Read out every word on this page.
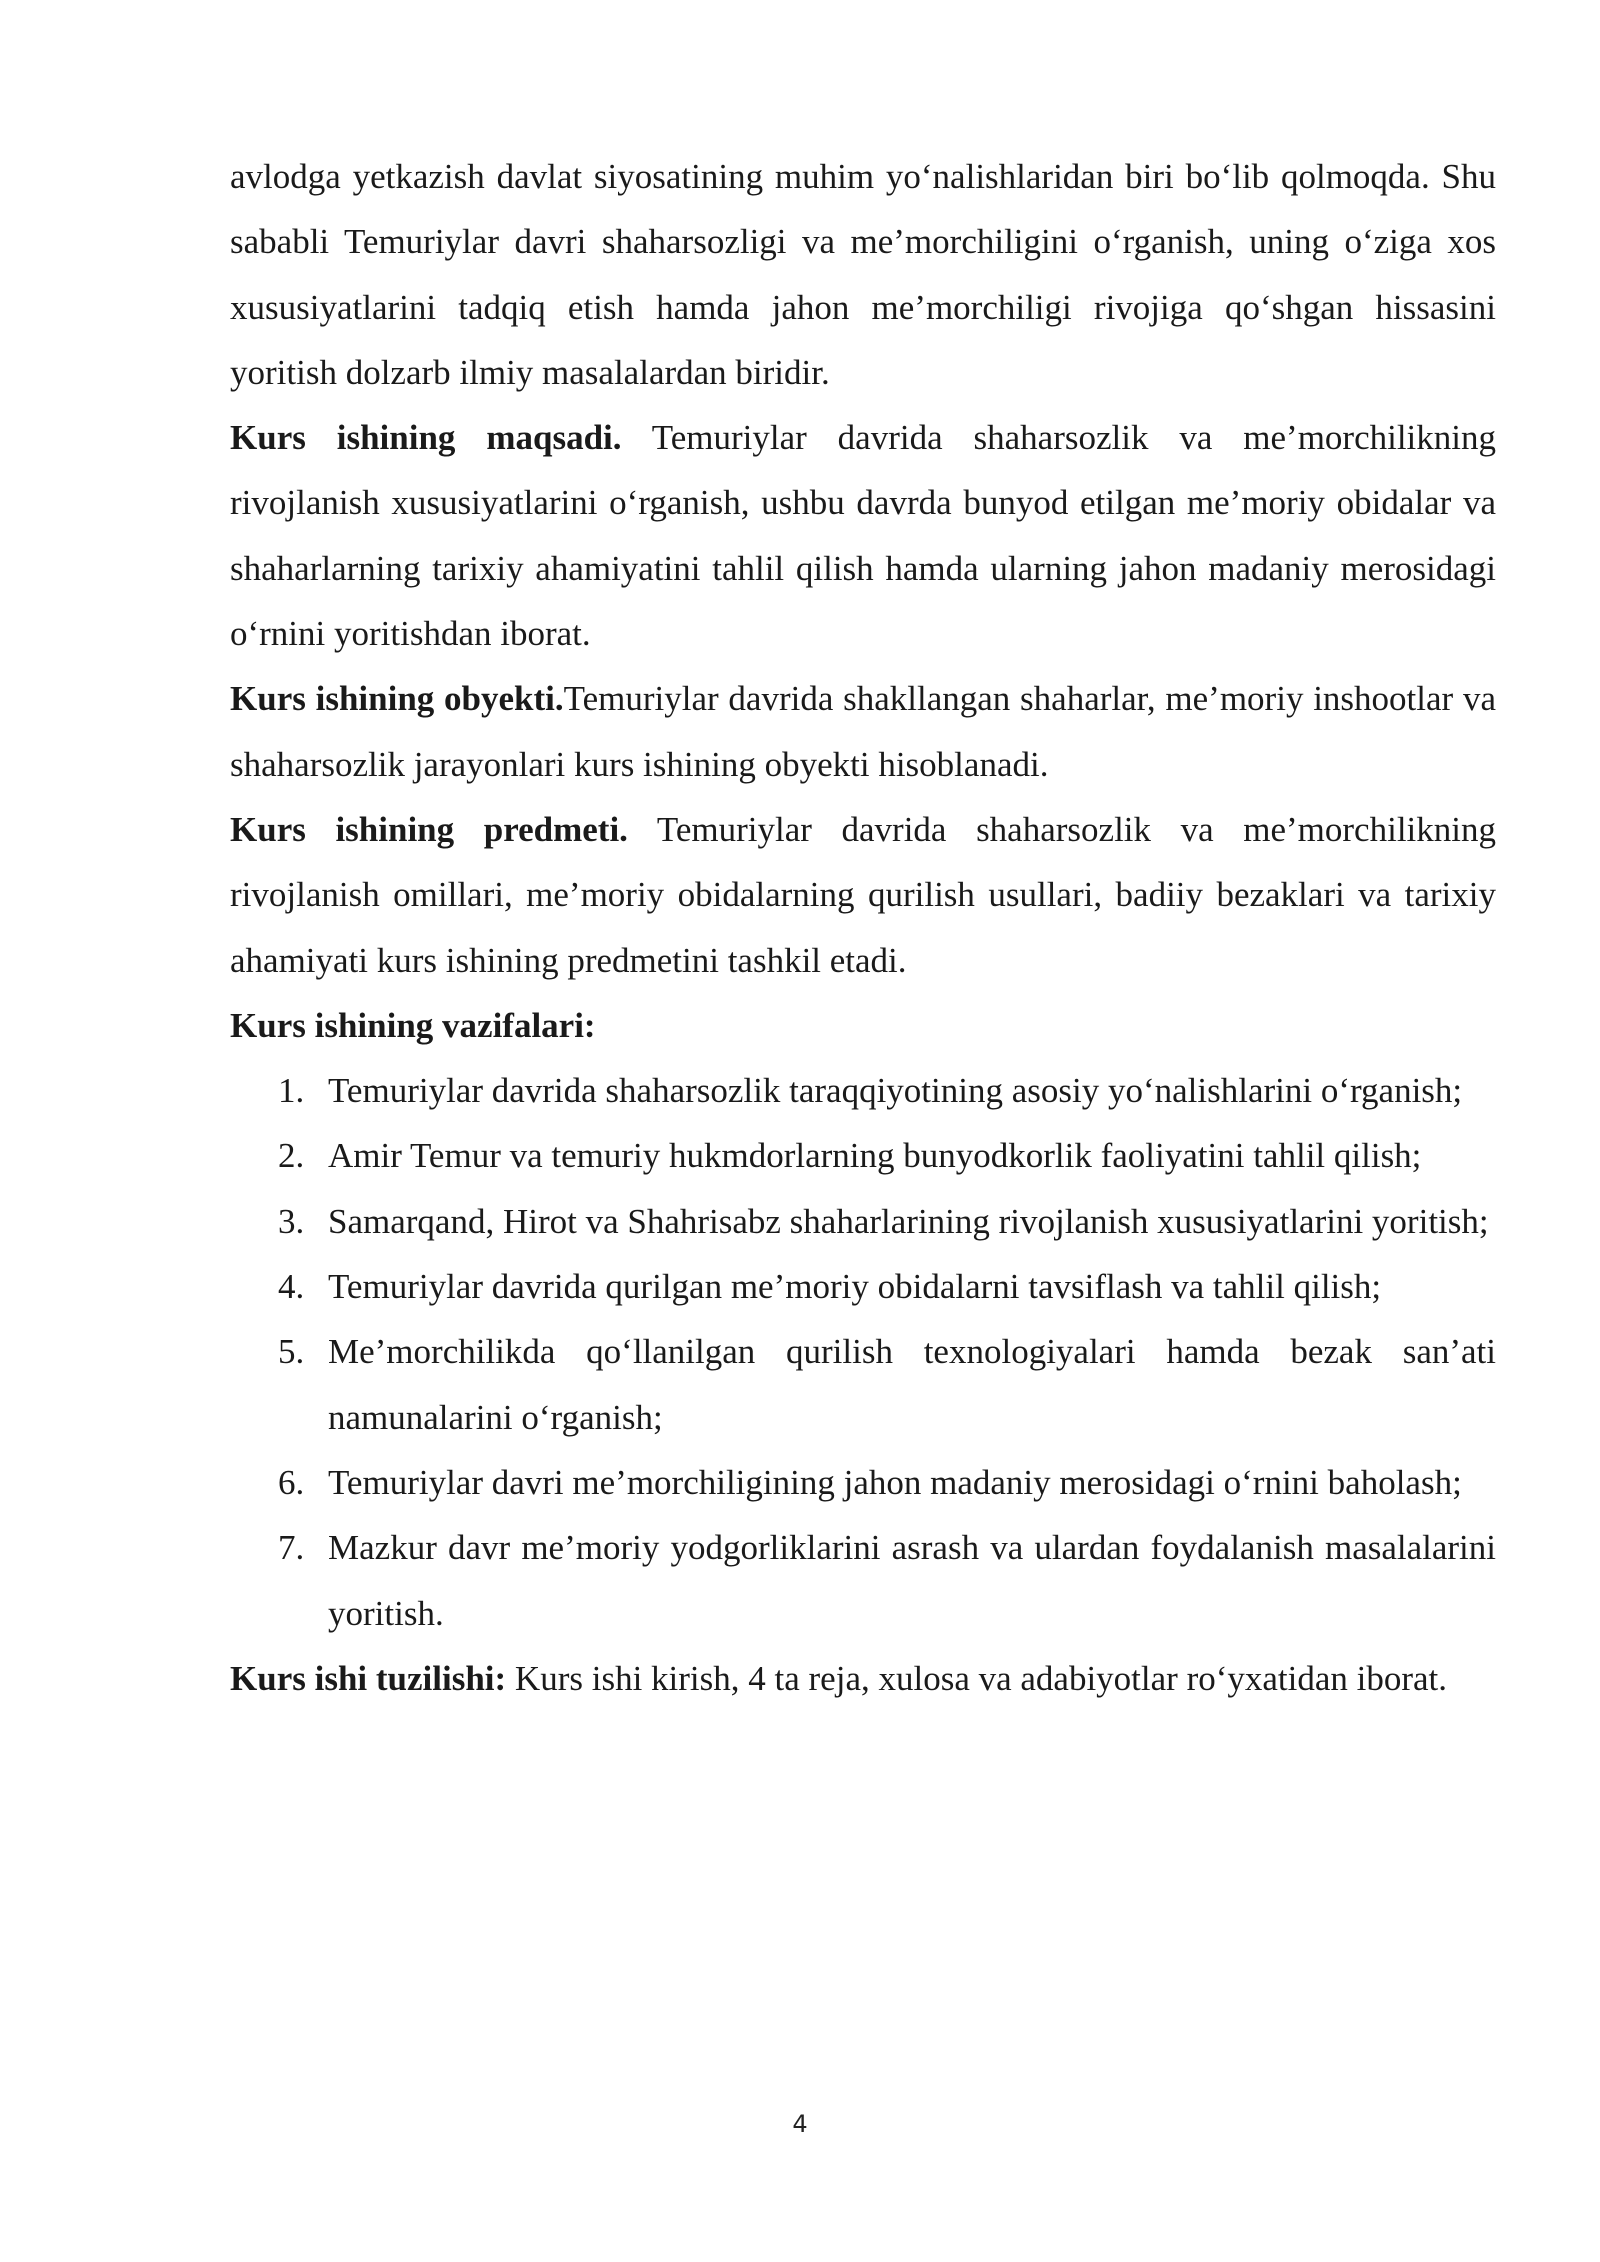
avlodga yetkazish davlat siyosatining muhim yo‘nalishlaridan biri bo‘lib qolmoqda. Shu sababli Temuriylar davri shaharsozligi va me’morchiligini o‘rganish, uning o‘ziga xos xususiyatlarini tadqiq etish hamda jahon me’morchiligi rivojiga qo‘shgan hissasini yoritish dolzarb ilmiy masalalardan biridir.

Kurs ishining maqsadi. Temuriylar davrida shaharsozlik va me’morchilikning rivojlanish xususiyatlarini o‘rganish, ushbu davrda bunyod etilgan me’moriy obidalar va shaharlarning tarixiy ahamiyatini tahlil qilish hamda ularning jahon madaniy merosidagi o‘rnini yoritishdan iborat.

Kurs ishining obyekti.Temuriylar davrida shakllangan shaharlar, me’moriy inshootlar va shaharsozlik jarayonlari kurs ishining obyekti hisoblanadi.

Kurs ishining predmeti. Temuriylar davrida shaharsozlik va me’morchilikning rivojlanish omillari, me’moriy obidalarning qurilish usullari, badiiy bezaklari va tarixiy ahamiyati kurs ishining predmetini tashkil etadi.

Kurs ishining vazifalari:

1. Temuriylar davrida shaharsozlik taraqqiyotining asosiy yo‘nalishlarini o‘rganish;
2. Amir Temur va temuriy hukmdorlarning bunyodkorlik faoliyatini tahlil qilish;
3. Samarqand, Hirot va Shahrisabz shaharlarining rivojlanish xususiyatlarini yoritish;
4. Temuriylar davrida qurilgan me’moriy obidalarni tavsiflash va tahlil qilish;
5. Me’morchilikda qo‘llanilgan qurilish texnologiyalari hamda bezak san’ati namunalarini o‘rganish;
6. Temuriylar davri me’morchiligining jahon madaniy merosidagi o‘rnini baholash;
7. Mazkur davr me’moriy yodgorliklarini asrash va ulardan foydalanish masalalarini yoritish.

Kurs ishi tuzilishi: Kurs ishi kirish, 4 ta reja, xulosa va adabiyotlar ro‘yxatidan iborat.

4
